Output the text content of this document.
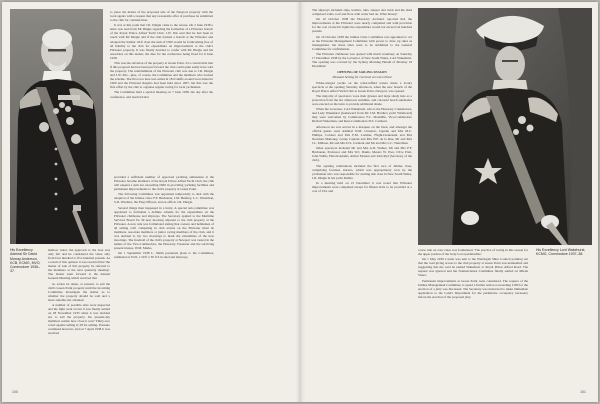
to place the matter of the proposed sale of the Newport property with the local agents with a request that any reasonable offer of purchase be submitted to the club for consideration.

It was at this point that J.R. Dingle came to the rescue. On 2 June 1938 a letter was read from Mr Dingle regarding the formation of a Pittwater branch of the Royal Prince Alfred Yacht Club. J.W. Ibis said that he had been in touch with Mr Dingle and if the club formed a branch at the Pittwater and adopted the Sabiler 18-ft class the sum of £500 would be forthcoming free of all liability to the club for expenditure on improvements to the club's Pittwater property. It was finally decided to confer with Mr Dingle and his associates on this matter, the date for the conference being fixed for 6 June 1938.

This was the salvation of the property at Green Point. It is conceivable that if this proposal had not been put forward the club could quite easily have sold the property. The establishment of the Pittwater club was due to J.R. Dingle and J.W. Ibis—plus, of course, the Committee and the members who backed the scheme. The first race here was sailed in 18-ft skiffs around Lion Island in 1906 and the Pittwater Regatta had been held since 1907, but this was the first effort by the club to organise regular racing for local yachtsmen.

The Committee held a special meeting on 7 June 1938, the day after the conference, and resolved that

provided a sufficient number of approved yachting enthusiasts at the Pittwater became members of the Royal Prince Alfred Yacht Club, the club will expend a sum not exceeding £600 in providing yachting facilities and permanent improvements to the club's property at Green Point.

The following Committee was appointed temporarily to deal with the adoption of the Jubilee class: F.F. Buchanan, J.M. Henfrey, L.C. Waterman, S.D. Wardlaw, the Flag Officers, and ex-officio J.R. Dingle.

Several things then happened in a hurry. A special sub-committee was appointed to formulate a definite scheme for the expenditure on the Pittwater clubhouse and slipways. The Secretary applied to the Maritime Services Board for 30 new mooring adjacent to the club property at the Pittwater. A new rule was formulated stating that owners and helmsmen of all sailing craft competing in club events on the Pittwater must be members, associate members or junior racing members of the club, and it was decided to lay two moorings to mark the extremities of the new moorings. The freehold of the club's property at Newport was vested in the names of the Vice-Commodore, the Honorary Treasurer and the surviving present trustee, W.M. Marks.

On 1 September 1938 L. Smith presented plans to the Committee, estimated at £525, a 50 ft x 30 ft 6 in shed and slipways,

His Excellency Admiral Sir David Murray Anderson, KCB, KCMG, MVO, Commodore 1936–37.

shallow water, the approach to the boat was only fair and he considered the value only from four hundred to five hundred pounds. As a result of this opinion it was resolved that 'the matter of sale of this property be referred to the members at the next quarterly meeting'. The matter went forward to the Annual General Meeting which resolved that

no action be taken, at present, to sell the club's Green Point property until the incoming Committee investigate the matter as to whether the property should be sold and a more suitable site obtained.

A number of possible sites were inspected and the fight went on but it was finally settled on 28 November 1935 when it was decided not to sell the property. Do present-day members realize how close it was? Thirty-two voted against selling it; 28 for selling. Pressure continued however, and on 7 April 1938 it was resolved

100

The slipways included slips, trestles, rails, sleeper and truck and the shed comprised walls, roof and floor with water laid on. What luxury!

On 10 October 1938 the Honorary Architect reported that the improvements at the Pittwater were nearly completed and with provision for the cost of electric lights the expenditure would not exceed six hundred pounds.

On 19 October 1938 the Jubilee Class Committee was appointed to act as the Pittwater Management Committee with power to draw up rules as management, but these rules were to be submitted to the General Committee for confirmation.

The Pittwater clubhouse was opened with much ceremony on Saturday 17 December 1938 by the Governor of New South Wales, Lord Wakehurst. The opening was covered by the Sydney Morning Herald of Monday 19 December:

OPENING OF SAILING SEASON

Pleasant Setting for Carnival at Green Point

White-winged yachts on the wind-ruffled waters made a lovely spectacle at the opening Saturday afternoon, when the new branch of the Royal Prince Alfred Yacht Club at Green Point, Newport, was opened.

The majority of spectators wore their glasses and large shady hats as a protection from the hot afternoon sunshine, and coloured beach sunshades were erected on the lawn to provide additional shade.

When the Governor, Lord Wakehurst, who is the Honorary Commodore, and Lady Wakehurst (homeward from Mr J.M. Hardie's yacht Windward) they were welcomed by Commodore F.C. Markillie, Vice-Commodore Richard Waterman, and Rear-Commodore D.S. Carmont.

Afternoon tea was served in a marquee on the lawn, and amongst the official guests were Admiral W.M. Clarence, Captain and Mrs M.C. Phillips, Colonel and Mrs F.M. Lorimer, Flight-Lieutenant and Mrs Newman Mahoney, Group Captain and Mrs H.F. de la Rue, Mr and Mrs J.L. Millson, Mr and Mrs D.S. Carmont and Mr and Mrs L.C. Waterman.

Other specators included Mr and Mrs A.D. Walker, Mr and Mrs F.F. Buchanan, Professor and Mrs W.J. Dakin, Messrs W. Ewe, Clive Pratt, John Wallis, Harold Adams, Arthur Mosten and John Ryd (Secretary of the club).

The opening celebrations included the first race of Jubilee class, comprising fourteen starters, which was appropriately won by the yachtsman who was responsible for starting this class in New South Wales, J.R. Dingle in his yacht Kimbo.

In a meeting held on 21 December it was noted that Pittwater improvements were completed except for fifteen bolts to be provided at a cost of £34, and

a new rule on crew rules was formulated: 'The practice of racing in this season for the upper portion of the body is not permissible.'

On 1 May 1939 a letter was sent to the Warringah Shire Council pointing out that the road giving access to the club property at Green Point was unmetalled and suggesting that the road be named Wakehurst or Royal Prince Alfred Road. The request was ignored and the Nomenclature Committee finally settled on Mitala Street.

Permanent improvements at Green Point were considered. The request of the Jubilee Management Committee to spend a further sum not exceeding £180 for the erection of a jetty was discussed. The Secretary was instructed to make immediate application to the Land's Department for the permissive occupancy necessary before the erection of the proposed jetty.

His Excellency Lord Wakehurst, KCMG, Commodore 1937–38.
101
